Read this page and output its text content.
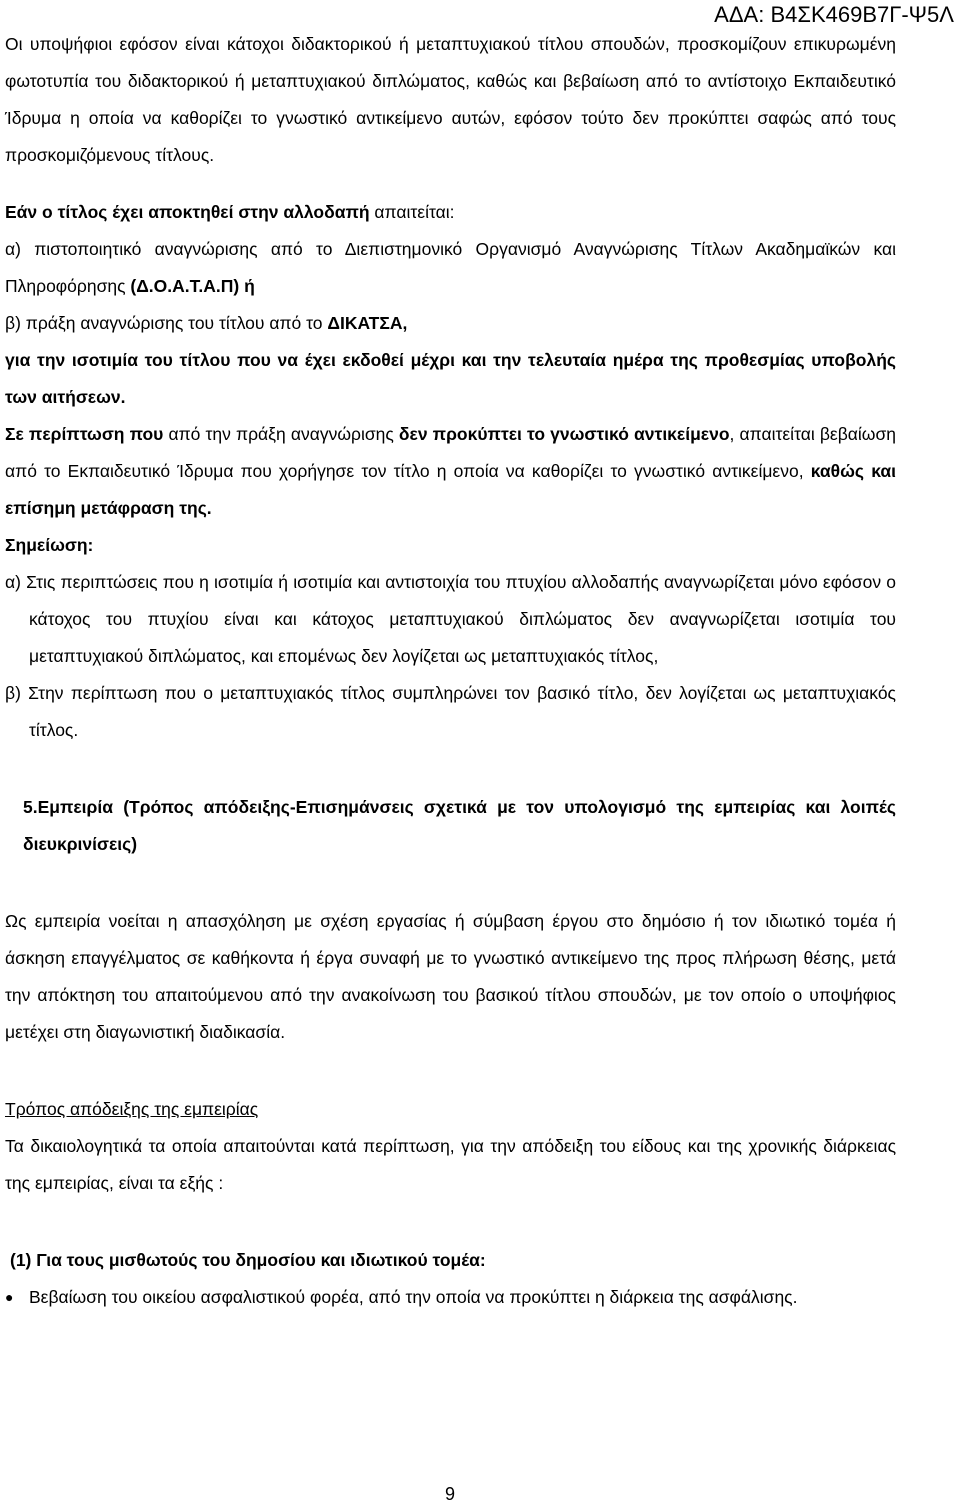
ΑΔΑ: Β4ΣΚ469Β7Γ-Ψ5Λ

Οι υποψήφιοι εφόσον είναι κάτοχοι διδακτορικού ή μεταπτυχιακού τίτλου σπουδών, προσκομίζουν επικυρωμένη φωτοτυπία του διδακτορικού ή μεταπτυχιακού διπλώματος, καθώς και βεβαίωση από το αντίστοιχο Εκπαιδευτικό Ίδρυμα η οποία να καθορίζει το γνωστικό αντικείμενο αυτών, εφόσον τούτο δεν προκύπτει σαφώς από τους προσκομιζόμενους τίτλους.

Εάν ο τίτλος έχει αποκτηθεί στην αλλοδαπή απαιτείται:

α) πιστοποιητικό αναγνώρισης από το Διεπιστημονικό Οργανισμό Αναγνώρισης Τίτλων Ακαδημαϊκών και Πληροφόρησης (Δ.Ο.Α.Τ.Α.Π) ή

β) πράξη αναγνώρισης του τίτλου από το ΔΙΚΑΤΣΑ,

για την ισοτιμία του τίτλου που να έχει εκδοθεί μέχρι και την τελευταία ημέρα της προθεσμίας υποβολής των αιτήσεων.

Σε περίπτωση που από την πράξη αναγνώρισης δεν προκύπτει το γνωστικό αντικείμενο, απαιτείται βεβαίωση από το Εκπαιδευτικό Ίδρυμα που χορήγησε τον τίτλο η οποία να καθορίζει το γνωστικό αντικείμενο, καθώς και επίσημη μετάφραση της.

Σημείωση:

α) Στις περιπτώσεις που η ισοτιμία ή ισοτιμία και αντιστοιχία του πτυχίου αλλοδαπής αναγνωρίζεται μόνο εφόσον ο κάτοχος του πτυχίου είναι και κάτοχος μεταπτυχιακού διπλώματος δεν αναγνωρίζεται ισοτιμία του μεταπτυχιακού διπλώματος, και επομένως δεν λογίζεται ως μεταπτυχιακός τίτλος,

β) Στην περίπτωση που ο μεταπτυχιακός τίτλος συμπληρώνει τον βασικό τίτλο, δεν λογίζεται ως μεταπτυχιακός τίτλος.

5.Εμπειρία (Τρόπος απόδειξης-Επισημάνσεις σχετικά με τον υπολογισμό της εμπειρίας και λοιπές διευκρινίσεις)

Ως εμπειρία νοείται η απασχόληση με σχέση εργασίας ή σύμβαση έργου στο δημόσιο ή τον ιδιωτικό τομέα ή άσκηση επαγγέλματος σε καθήκοντα ή έργα συναφή με το γνωστικό αντικείμενο της προς πλήρωση θέσης, μετά την απόκτηση του απαιτούμενου από την ανακοίνωση του βασικού τίτλου σπουδών, με τον οποίο ο υποψήφιος μετέχει στη διαγωνιστική διαδικασία.

Τρόπος απόδειξης της εμπειρίας

Τα δικαιολογητικά τα οποία απαιτούνται κατά περίπτωση, για την απόδειξη του είδους και της χρονικής διάρκειας της εμπειρίας, είναι τα εξής :

(1) Για τους μισθωτούς του δημοσίου και ιδιωτικού τομέα:

● Βεβαίωση του οικείου ασφαλιστικού φορέα, από την οποία να προκύπτει η διάρκεια της ασφάλισης.

9
